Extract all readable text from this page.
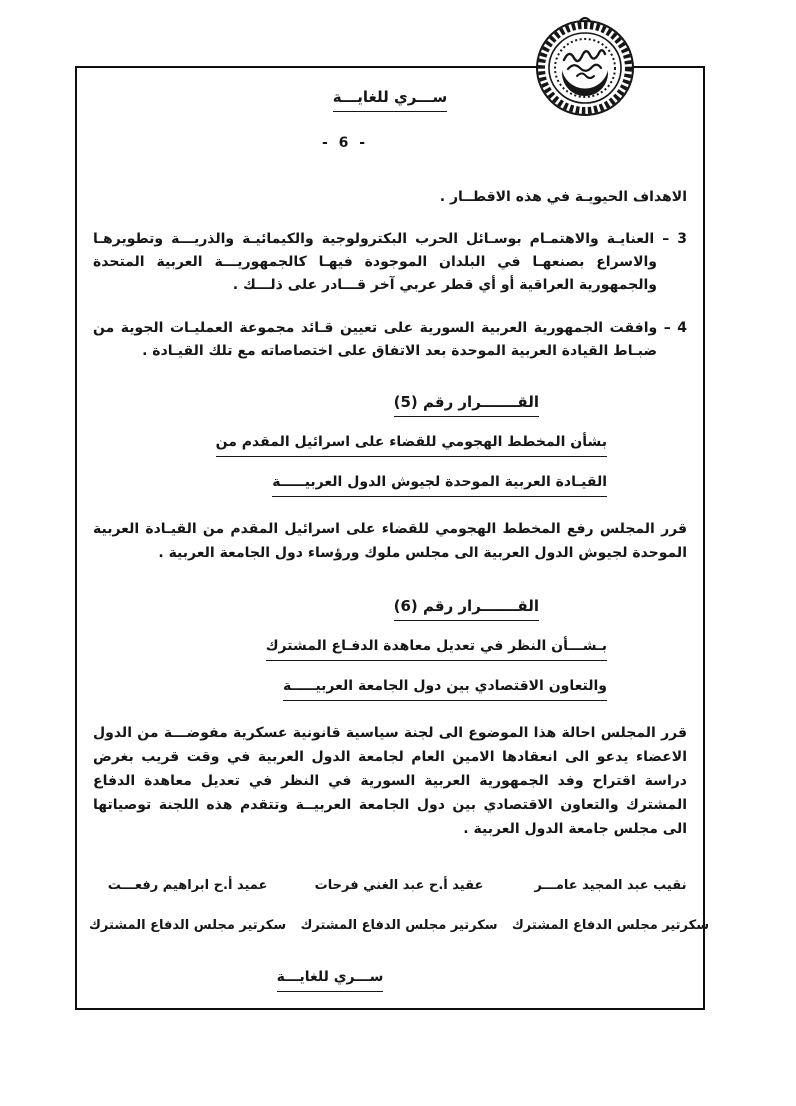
ســـري للغايـــة
- 6 -

الاهداف الحيويـة في هذه الاقطــار .

3 – العنايـة والاهتمـام بوسـائل الحرب البكترولوجية والكيمائيـة والذريـــة وتطويرهـا والاسراع بصنعهـا في البلدان الموجودة فيهـا كالجمهوريـــة العربية المتحدة والجمهورية العراقية أو أي قطر عربي آخر قـــادر على ذلـــك .

4 – وافقت الجمهورية العربية السورية على تعيين قـائد مجموعة العمليـات الجوية من ضبـاط القيادة العربية الموحدة بعد الاتفاق على اختصاصاته مع تلك القيـادة .

القـــــــرار رقم (5)
بشأن المخطط الهجومي للقضاء على اسرائيل المقدم من
القيـادة العربية الموحدة لجيوش الدول العربيـــــة

قرر المجلس رفع المخطط الهجومي للقضاء على اسرائيل المقدم من القيـادة العربية الموحدة لجيوش الدول العربية الى مجلس ملوك ورؤساء دول الجامعة العربية .

القـــــــرار رقم (6)
بـشـــأن النظر في تعديل معاهدة الدفـاع المشترك
والتعاون الاقتصادي بين دول الجامعة العربيـــــة

قرر المجلس احالة هذا الموضوع الى لجنة سياسية قانونية عسكرية مفوضـــة من الدول الاعضاء يدعو الى انعقادها الامين العام لجامعة الدول العربية في وقت قريب بغرض دراسة اقتراح وفد الجمهورية العربية السورية في النظر في تعديل معاهدة الدفاع المشترك والتعاون الاقتصادي بين دول الجامعة العربيــة وتتقدم هذه اللجنة توصياتها الى مجلس جامعة الدول العربية .

نقيب عبد المجيد عامـــر
سكرتير مجلس الدفاع المشترك
عقيد أ.ح عبد الغني فرحات
سكرتير مجلس الدفاع المشترك
عميد أ.ح ابراهيم رفعـــت
سكرتير مجلس الدفاع المشترك
ســـري للغايـــة
